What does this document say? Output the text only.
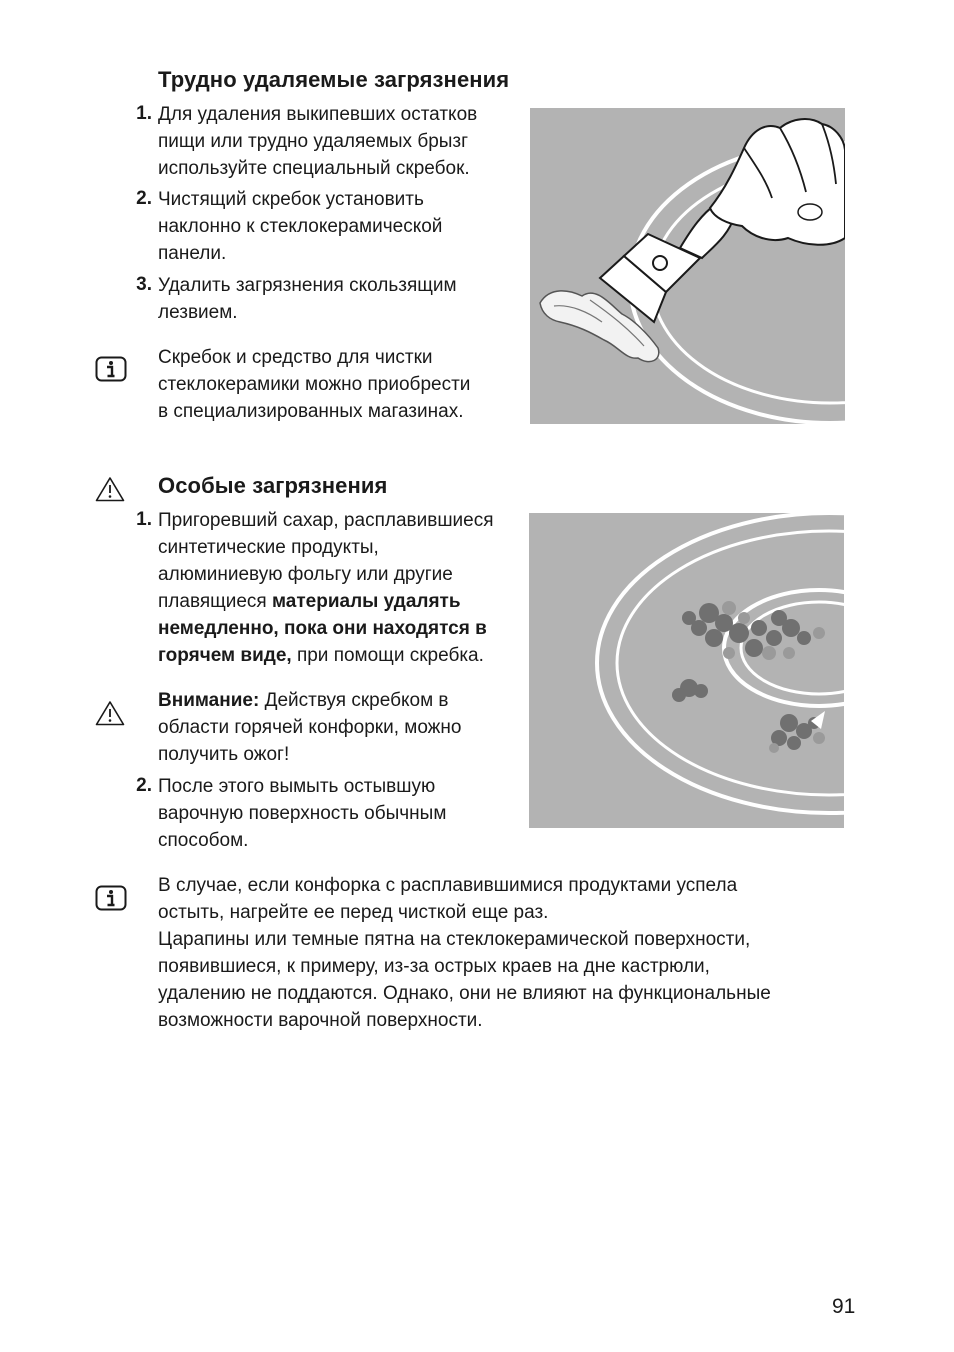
Трудно удаляемые загрязнения
1. Для удаления выкипевших остатков
пищи или трудно удаляемых брызг
используйте специальный скребок.
2. Чистящий скребок установить
наклонно к стеклокерамической
панели.
3. Удалить загрязнения скользящим
лезвием.
Скребок и средство для чистки
стеклокерамики можно приобрести
в специализированных магазинах.
Особые загрязнения
1. Пригоревший сахар, расплавившиеся
синтетические продукты,
алюминиевую фольгу или другие
плавящиеся материалы удалять
немедленно, пока они находятся в
горячем виде, при помощи скребка.
Внимание: Действуя скребком в
области горячей конфорки, можно
получить ожог!
2. После этого вымыть остывшую
варочную поверхность обычным
способом.
В случае, если конфорка с расплавившимися продуктами успела
остыть, нагрейте ее перед чисткой еще раз.
Царапины или темные пятна на стеклокерамической поверхности,
появившиеся, к примеру, из-за острых краев на дне кастрюли,
удалению не поддаются. Однако, они не влияют на функциональные
возможности варочной поверхности.
91
